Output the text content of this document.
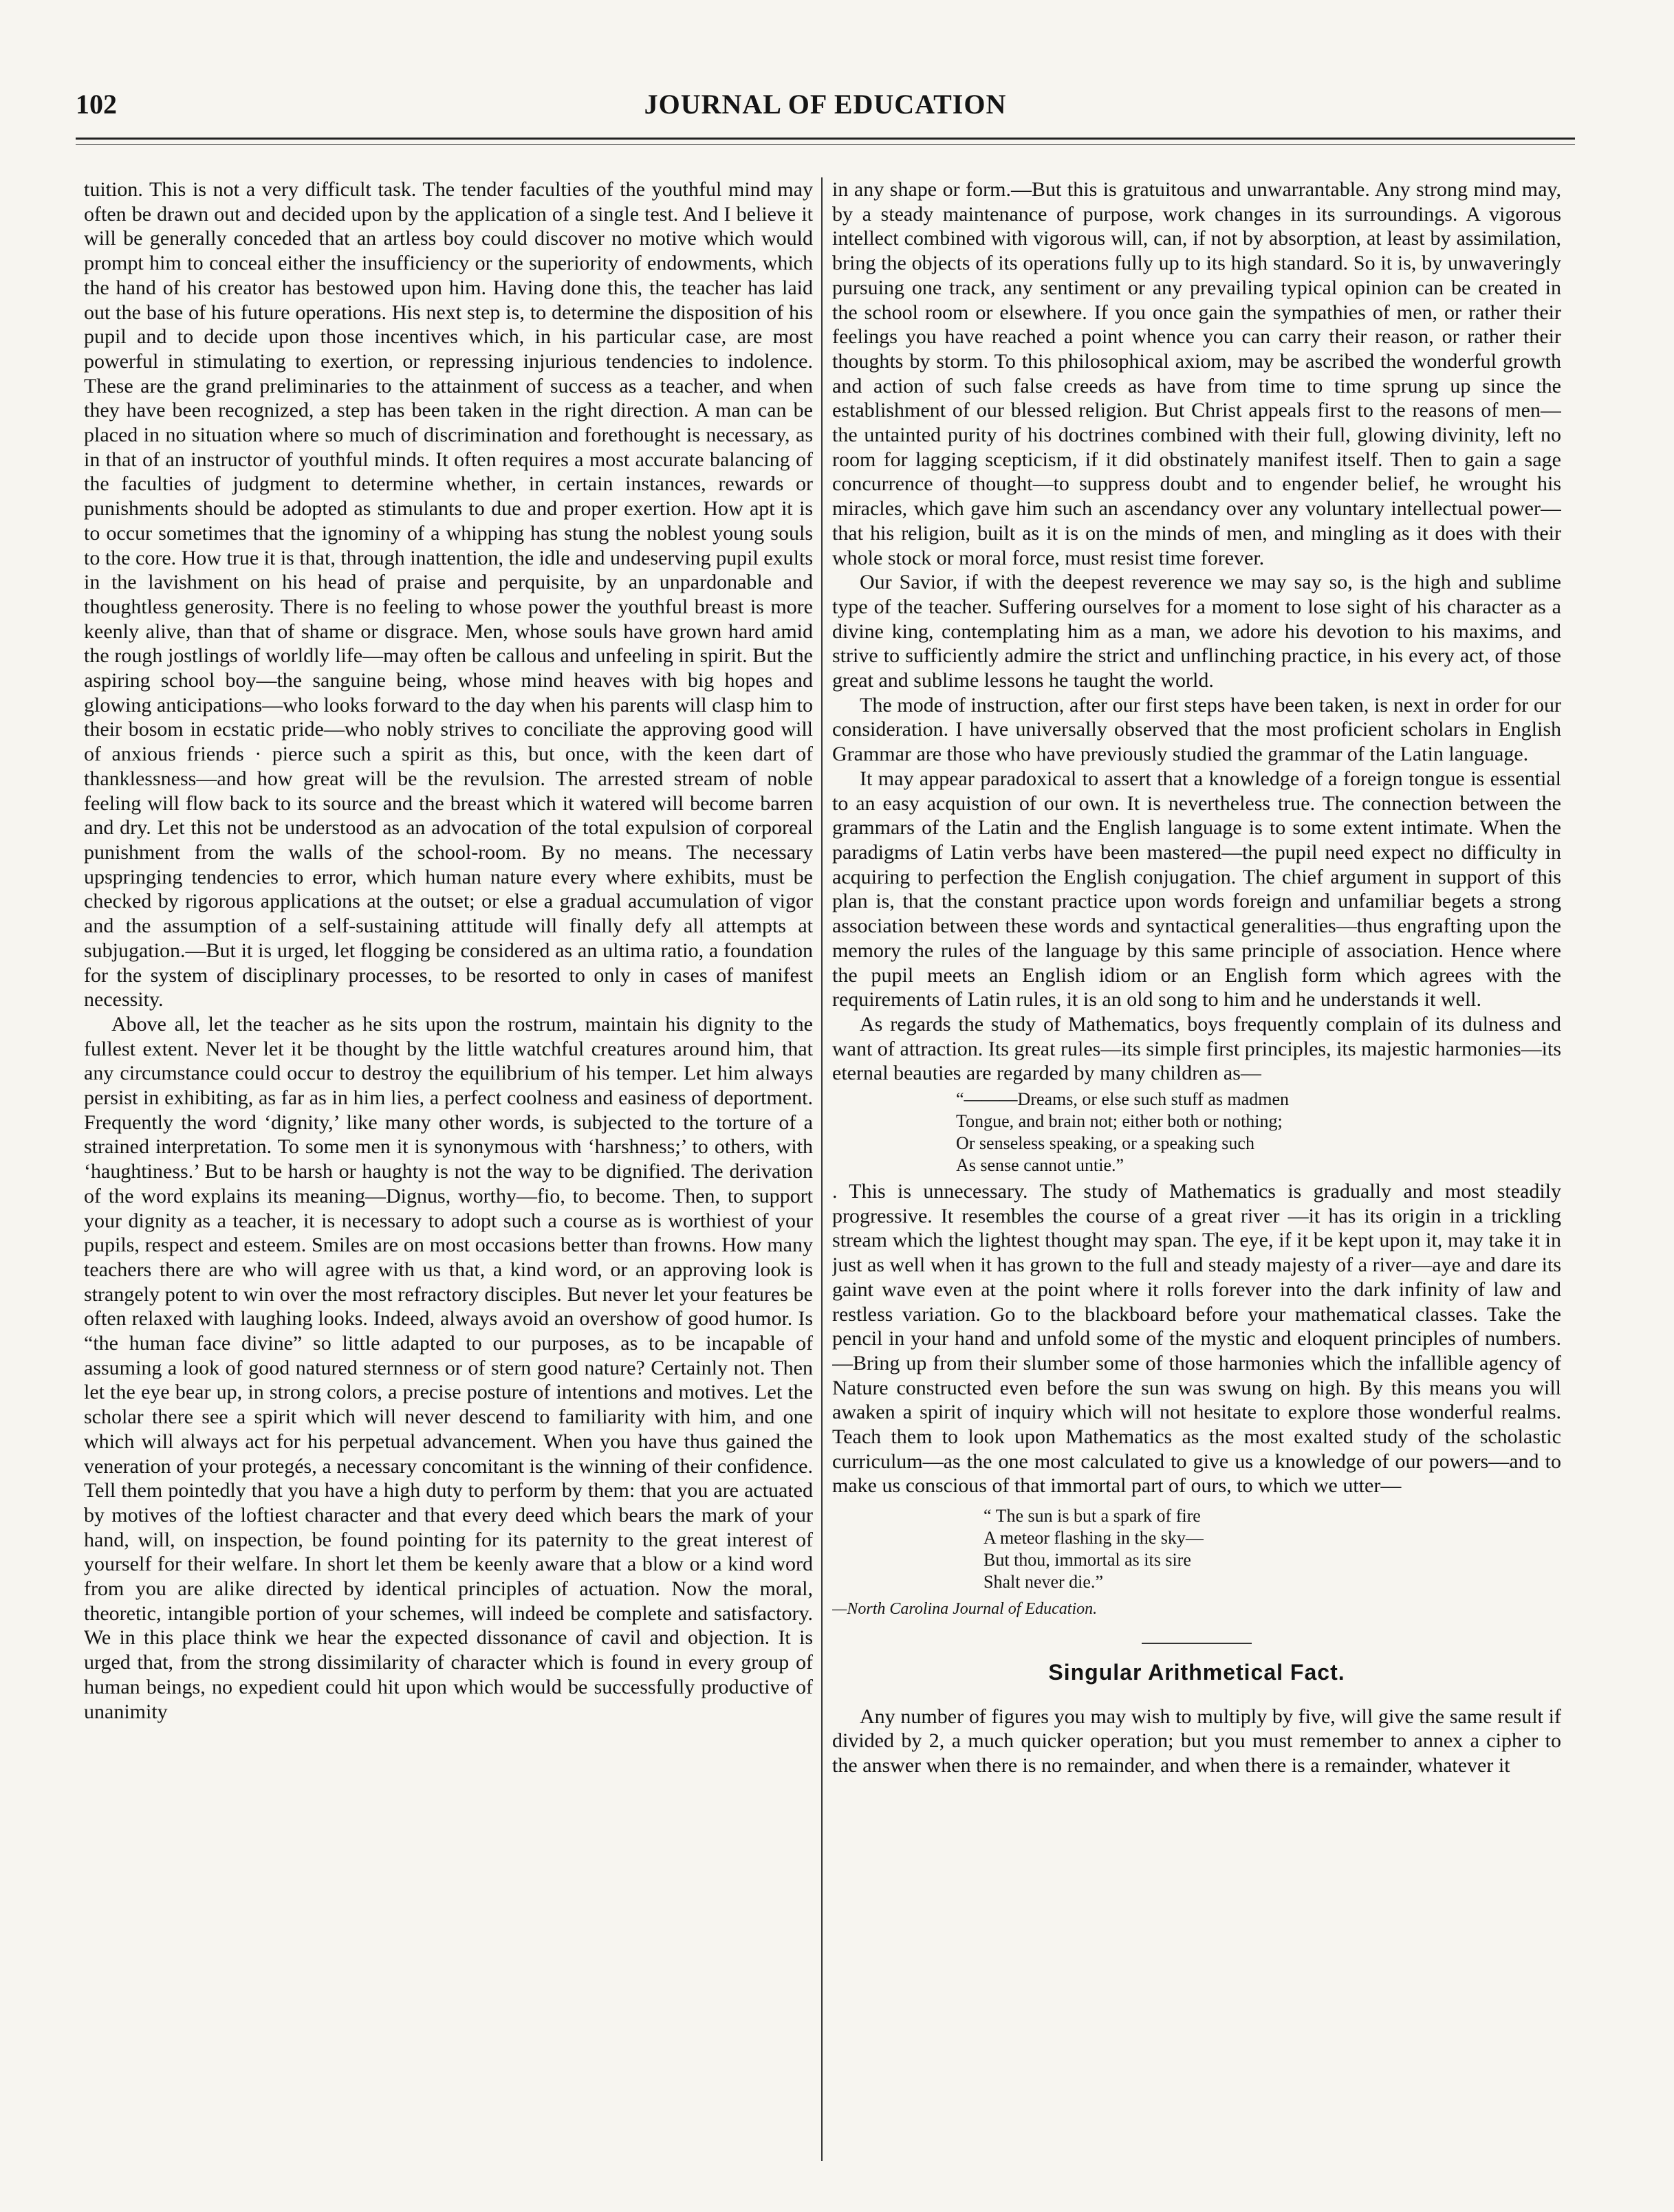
102	JOURNAL OF EDUCATION

tuition. This is not a very difficult task. The tender faculties of the youthful mind may often be drawn out and decided upon by the application of a single test. And I believe it will be generally conceded that an artless boy could discover no motive which would prompt him to conceal either the insufficiency or the superiority of endowments, which the hand of his creator has bestowed upon him. Having done this, the teacher has laid out the base of his future operations. His next step is, to determine the disposition of his pupil and to decide upon those incentives which, in his particular case, are most powerful in stimulating to exertion, or repressing injurious tendencies to indolence. These are the grand preliminaries to the attainment of success as a teacher, and when they have been recognized, a step has been taken in the right direction. A man can be placed in no situation where so much of discrimination and forethought is necessary, as in that of an instructor of youthful minds. It often requires a most accurate balancing of the faculties of judgment to determine whether, in certain instances, rewards or punishments should be adopted as stimulants to due and proper exertion. How apt it is to occur sometimes that the ignominy of a whipping has stung the noblest young souls to the core. How true it is that, through inattention, the idle and undeserving pupil exults in the lavishment on his head of praise and perquisite, by an unpardonable and thoughtless generosity. There is no feeling to whose power the youthful breast is more keenly alive, than that of shame or disgrace. Men, whose souls have grown hard amid the rough jostlings of worldly life—may often be callous and unfeeling in spirit. But the aspiring school boy—the sanguine being, whose mind heaves with big hopes and glowing anticipations—who looks forward to the day when his parents will clasp him to their bosom in ecstatic pride—who nobly strives to conciliate the approving good will of anxious friends · pierce such a spirit as this, but once, with the keen dart of thanklessness—and how great will be the revulsion. The arrested stream of noble feeling will flow back to its source and the breast which it watered will become barren and dry. Let this not be understood as an advocation of the total expulsion of corporeal punishment from the walls of the school-room. By no means. The necessary upspringing tendencies to error, which human nature every where exhibits, must be checked by rigorous applications at the outset; or else a gradual accumulation of vigor and the assumption of a self-sustaining attitude will finally defy all attempts at subjugation.—But it is urged, let flogging be considered as an ultima ratio, a foundation for the system of disciplinary processes, to be resorted to only in cases of manifest necessity.

Above all, let the teacher as he sits upon the rostrum, maintain his dignity to the fullest extent. Never let it be thought by the little watchful creatures around him, that any circumstance could occur to destroy the equilibrium of his temper. Let him always persist in exhibiting, as far as in him lies, a perfect coolness and easiness of deportment. Frequently the word ‘dignity,’ like many other words, is subjected to the torture of a strained interpretation. To some men it is synonymous with ‘harshness;’ to others, with ‘haughtiness.’ But to be harsh or haughty is not the way to be dignified. The derivation of the word explains its meaning—Dignus, worthy—fio, to become. Then, to support your dignity as a teacher, it is necessary to adopt such a course as is worthiest of your pupils, respect and esteem. Smiles are on most occasions better than frowns. How many teachers there are who will agree with us that, a kind word, or an approving look is strangely potent to win over the most refractory disciples. But never let your features be often relaxed with laughing looks. Indeed, always avoid an overshow of good humor. Is “the human face divine” so little adapted to our purposes, as to be incapable of assuming a look of good natured sternness or of stern good nature? Certainly not. Then let the eye bear up, in strong colors, a precise posture of intentions and motives. Let the scholar there see a spirit which will never descend to familiarity with him, and one which will always act for his perpetual advancement. When you have thus gained the veneration of your protegés, a necessary concomitant is the winning of their confidence. Tell them pointedly that you have a high duty to perform by them: that you are actuated by motives of the loftiest character and that every deed which bears the mark of your hand, will, on inspection, be found pointing for its paternity to the great interest of yourself for their welfare. In short let them be keenly aware that a blow or a kind word from you are alike directed by identical principles of actuation. Now the moral, theoretic, intangible portion of your schemes, will indeed be complete and satisfactory. We in this place think we hear the expected dissonance of cavil and objection. It is urged that, from the strong dissimilarity of character which is found in every group of human beings, no expedient could hit upon which would be successfully productive of unanimity

in any shape or form.—But this is gratuitous and unwarrantable. Any strong mind may, by a steady maintenance of purpose, work changes in its surroundings. A vigorous intellect combined with vigorous will, can, if not by absorption, at least by assimilation, bring the objects of its operations fully up to its high standard. So it is, by unwaveringly pursuing one track, any sentiment or any prevailing typical opinion can be created in the school room or elsewhere. If you once gain the sympathies of men, or rather their feelings you have reached a point whence you can carry their reason, or rather their thoughts by storm. To this philosophical axiom, may be ascribed the wonderful growth and action of such false creeds as have from time to time sprung up since the establishment of our blessed religion. But Christ appeals first to the reasons of men—the untainted purity of his doctrines combined with their full, glowing divinity, left no room for lagging scepticism, if it did obstinately manifest itself. Then to gain a sage concurrence of thought—to suppress doubt and to engender belief, he wrought his miracles, which gave him such an ascendancy over any voluntary intellectual power—that his religion, built as it is on the minds of men, and mingling as it does with their whole stock or moral force, must resist time forever.

Our Savior, if with the deepest reverence we may say so, is the high and sublime type of the teacher. Suffering ourselves for a moment to lose sight of his character as a divine king, contemplating him as a man, we adore his devotion to his maxims, and strive to sufficiently admire the strict and unflinching practice, in his every act, of those great and sublime lessons he taught the world.

The mode of instruction, after our first steps have been taken, is next in order for our consideration. I have universally observed that the most proficient scholars in English Grammar are those who have previously studied the grammar of the Latin language.

It may appear paradoxical to assert that a knowledge of a foreign tongue is essential to an easy acquistion of our own. It is nevertheless true. The connection between the grammars of the Latin and the English language is to some extent intimate. When the paradigms of Latin verbs have been mastered—the pupil need expect no difficulty in acquiring to perfection the English conjugation. The chief argument in support of this plan is, that the constant practice upon words foreign and unfamiliar begets a strong association between these words and syntactical generalities—thus engrafting upon the memory the rules of the language by this same principle of association. Hence where the pupil meets an English idiom or an English form which agrees with the requirements of Latin rules, it is an old song to him and he understands it well.

As regards the study of Mathematics, boys frequently complain of its dulness and want of attraction. Its great rules—its simple first principles, its majestic harmonies—its eternal beauties are regarded by many children as—

“———Dreams, or else such stuff as madmen
Tongue, and brain not; either both or nothing;
Or senseless speaking, or a speaking such
As sense cannot untie.”

. This is unnecessary. The study of Mathematics is gradually and most steadily progressive. It resembles the course of a great river —it has its origin in a trickling stream which the lightest thought may span. The eye, if it be kept upon it, may take it in just as well when it has grown to the full and steady majesty of a river—aye and dare its gaint wave even at the point where it rolls forever into the dark infinity of law and restless variation. Go to the blackboard before your mathematical classes. Take the pencil in your hand and unfold some of the mystic and eloquent principles of numbers.—Bring up from their slumber some of those harmonies which the infallible agency of Nature constructed even before the sun was swung on high. By this means you will awaken a spirit of inquiry which will not hesitate to explore those wonderful realms. Teach them to look upon Mathematics as the most exalted study of the scholastic curriculum—as the one most calculated to give us a knowledge of our powers—and to make us conscious of that immortal part of ours, to which we utter—

“ The sun is but a spark of fire
A meteor flashing in the sky—
But thou, immortal as its sire
Shalt never die.”

—North Carolina Journal of Education.

Singular Arithmetical Fact.

Any number of figures you may wish to multiply by five, will give the same result if divided by 2, a much quicker operation; but you must remember to annex a cipher to the answer when there is no remainder, and when there is a remainder, whatever it
